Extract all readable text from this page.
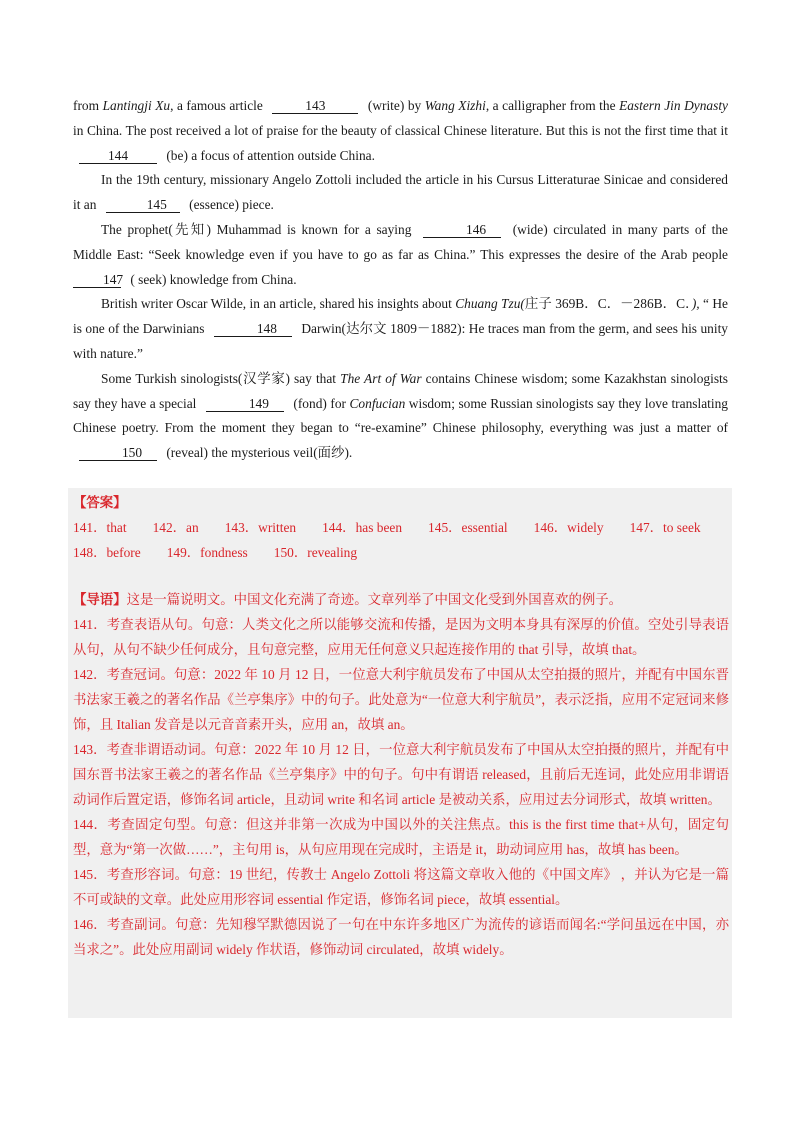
from Lantingji Xu, a famous article	143	(write) by Wang Xizhi, a calligrapher from the Eastern Jin Dynasty in China. The post received a lot of praise for the beauty of classical Chinese literature. But this is not the first time that it 144	(be) a focus of attention outside China.

In the 19th century, missionary Angelo Zottoli included the article in his Cursus Litteraturae Sinicae and considered it an	145 (essence) piece.

The prophet(先知) Muhammad is known for a saying	146 (wide) circulated in many parts of the Middle East: “Seek knowledge even if you have to go as far as China.” This expresses the desire of the Arab people 147 ( seek) knowledge from China.

British writer Oscar Wilde, in an article, shared his insights about Chuang Tzu(庄子 369B．C．－286B．C．), “ He is one of the Darwinians	148 Darwin(达尔文 1809－1882): He traces man from the germ, and sees his unity with nature.”

Some Turkish sinologists(汉学家) say that The Art of War contains Chinese wisdom; some Kazakhstan sinologists say they have a special	149 (fond) for Confucian wisdom; some Russian sinologists say they love translating Chinese poetry. From the moment they began to “re-examine” Chinese philosophy, everything was just a matter of 150 (reveal) the mysterious veil(面纱).

【答案】
141．that 142．an 143．written 144．has been 145．essential 146．widely 147．to seek
148．before 149．fondness 150．revealing

【导语】这是一篇说明文。中国文化充满了奇迹。文章列举了中国文化受到外国喜欢的例子。

141．考查表语从句。句意：人类文化之所以能够交流和传播，是因为文明本身具有深厚的价值。空处引导表语从句，从句不缺少任何成分，且句意完整，应用无任何意义只起连接作用的 that 引导，故填 that。

142．考查冠词。句意：2022 年 10 月 12 日，一位意大利宇航员发布了中国从太空拍摄的照片，并配有中国东晋书法家王羲之的著名作品《兰亭集序》中的句子。此处意为“一位意大利宇航员”，表示泛指，应用不定冠词来修饰，且 Italian 发音是以元音音素开头，应用 an，故填 an。

143．考查非谓语动词。句意：2022 年 10 月 12 日，一位意大利宇航员发布了中国从太空拍摄的照片，并配有中国东晋书法家王羲之的著名作品《兰亭集序》中的句子。句中有谓语 released，且前后无连词，此处应用非谓语动词作后置定语，修饰名词 article，且动词 write 和名词 article 是被动关系，应用过去分词形式，故填 written。

144．考查固定句型。句意：但这并非第一次成为中国以外的关注焦点。this is the first time that+从句，固定句型，意为“第一次做……”，主句用 is，从句应用现在完成时，主语是 it，助动词应用 has，故填 has been。

145．考查形容词。句意：19 世纪，传教士 Angelo Zottoli 将这篇文章收入他的《中国文库》 ，并认为它是一篇不可或缺的文章。此处应用形容词 essential 作定语，修饰名词 piece，故填 essential。

146．考查副词。句意：先知穆罕默德因说了一句在中东许多地区广为流传的谚语而闻名:“学问虽远在中国，亦当求之”。此处应用副词 widely 作状语，修饰动词 circulated，故填 widely。
